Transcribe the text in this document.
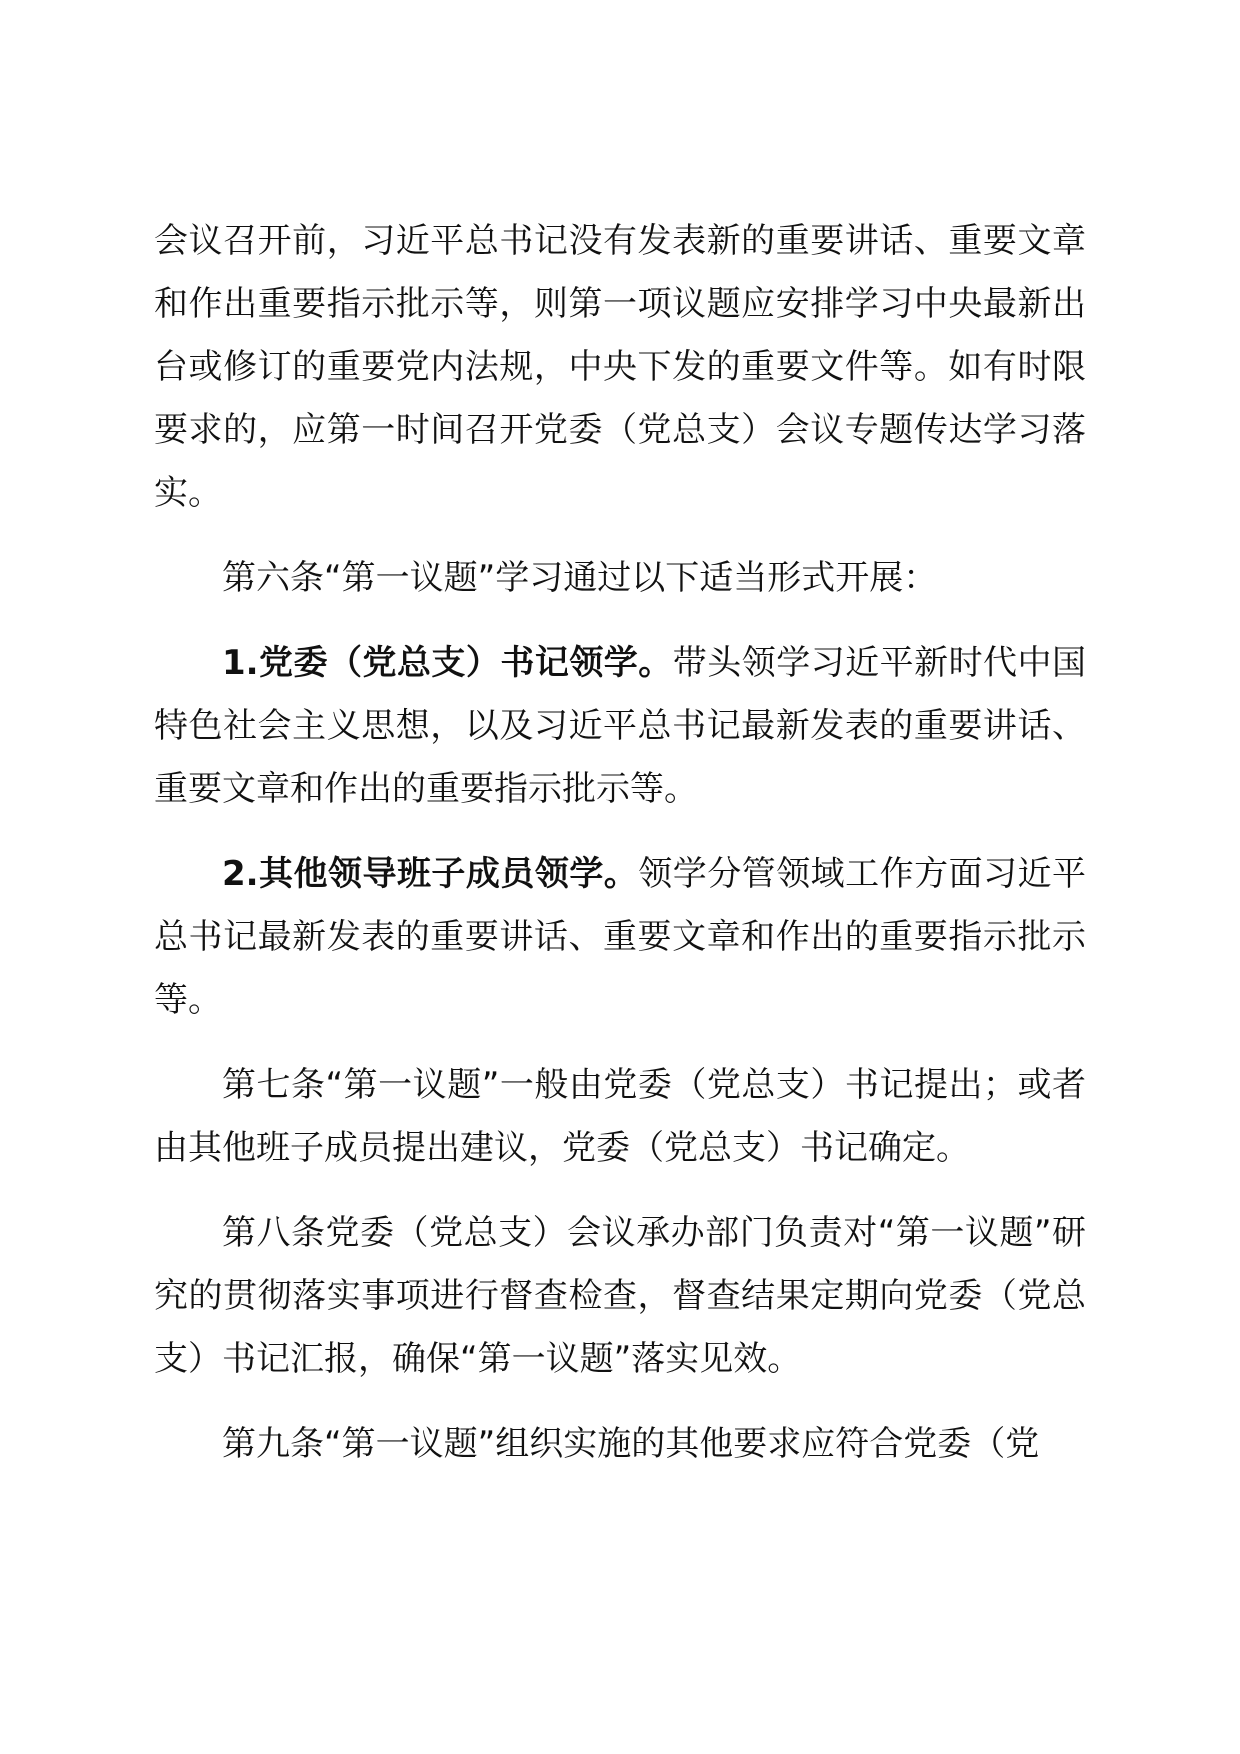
会议召开前，习近平总书记没有发表新的重要讲话、重要文章和作出重要指示批示等，则第一项议题应安排学习中央最新出台或修订的重要党内法规，中央下发的重要文件等。如有时限要求的，应第一时间召开党委（党总支）会议专题传达学习落实。

第六条“第一议题”学习通过以下适当形式开展：

1.党委（党总支）书记领学。带头领学习近平新时代中国特色社会主义思想，以及习近平总书记最新发表的重要讲话、重要文章和作出的重要指示批示等。

2.其他领导班子成员领学。领学分管领域工作方面习近平总书记最新发表的重要讲话、重要文章和作出的重要指示批示等。

第七条“第一议题”一般由党委（党总支）书记提出；或者由其他班子成员提出建议，党委（党总支）书记确定。

第八条党委（党总支）会议承办部门负责对“第一议题”研究的贯彻落实事项进行督查检查，督查结果定期向党委（党总支）书记汇报，确保“第一议题”落实见效。

第九条“第一议题”组织实施的其他要求应符合党委（党
